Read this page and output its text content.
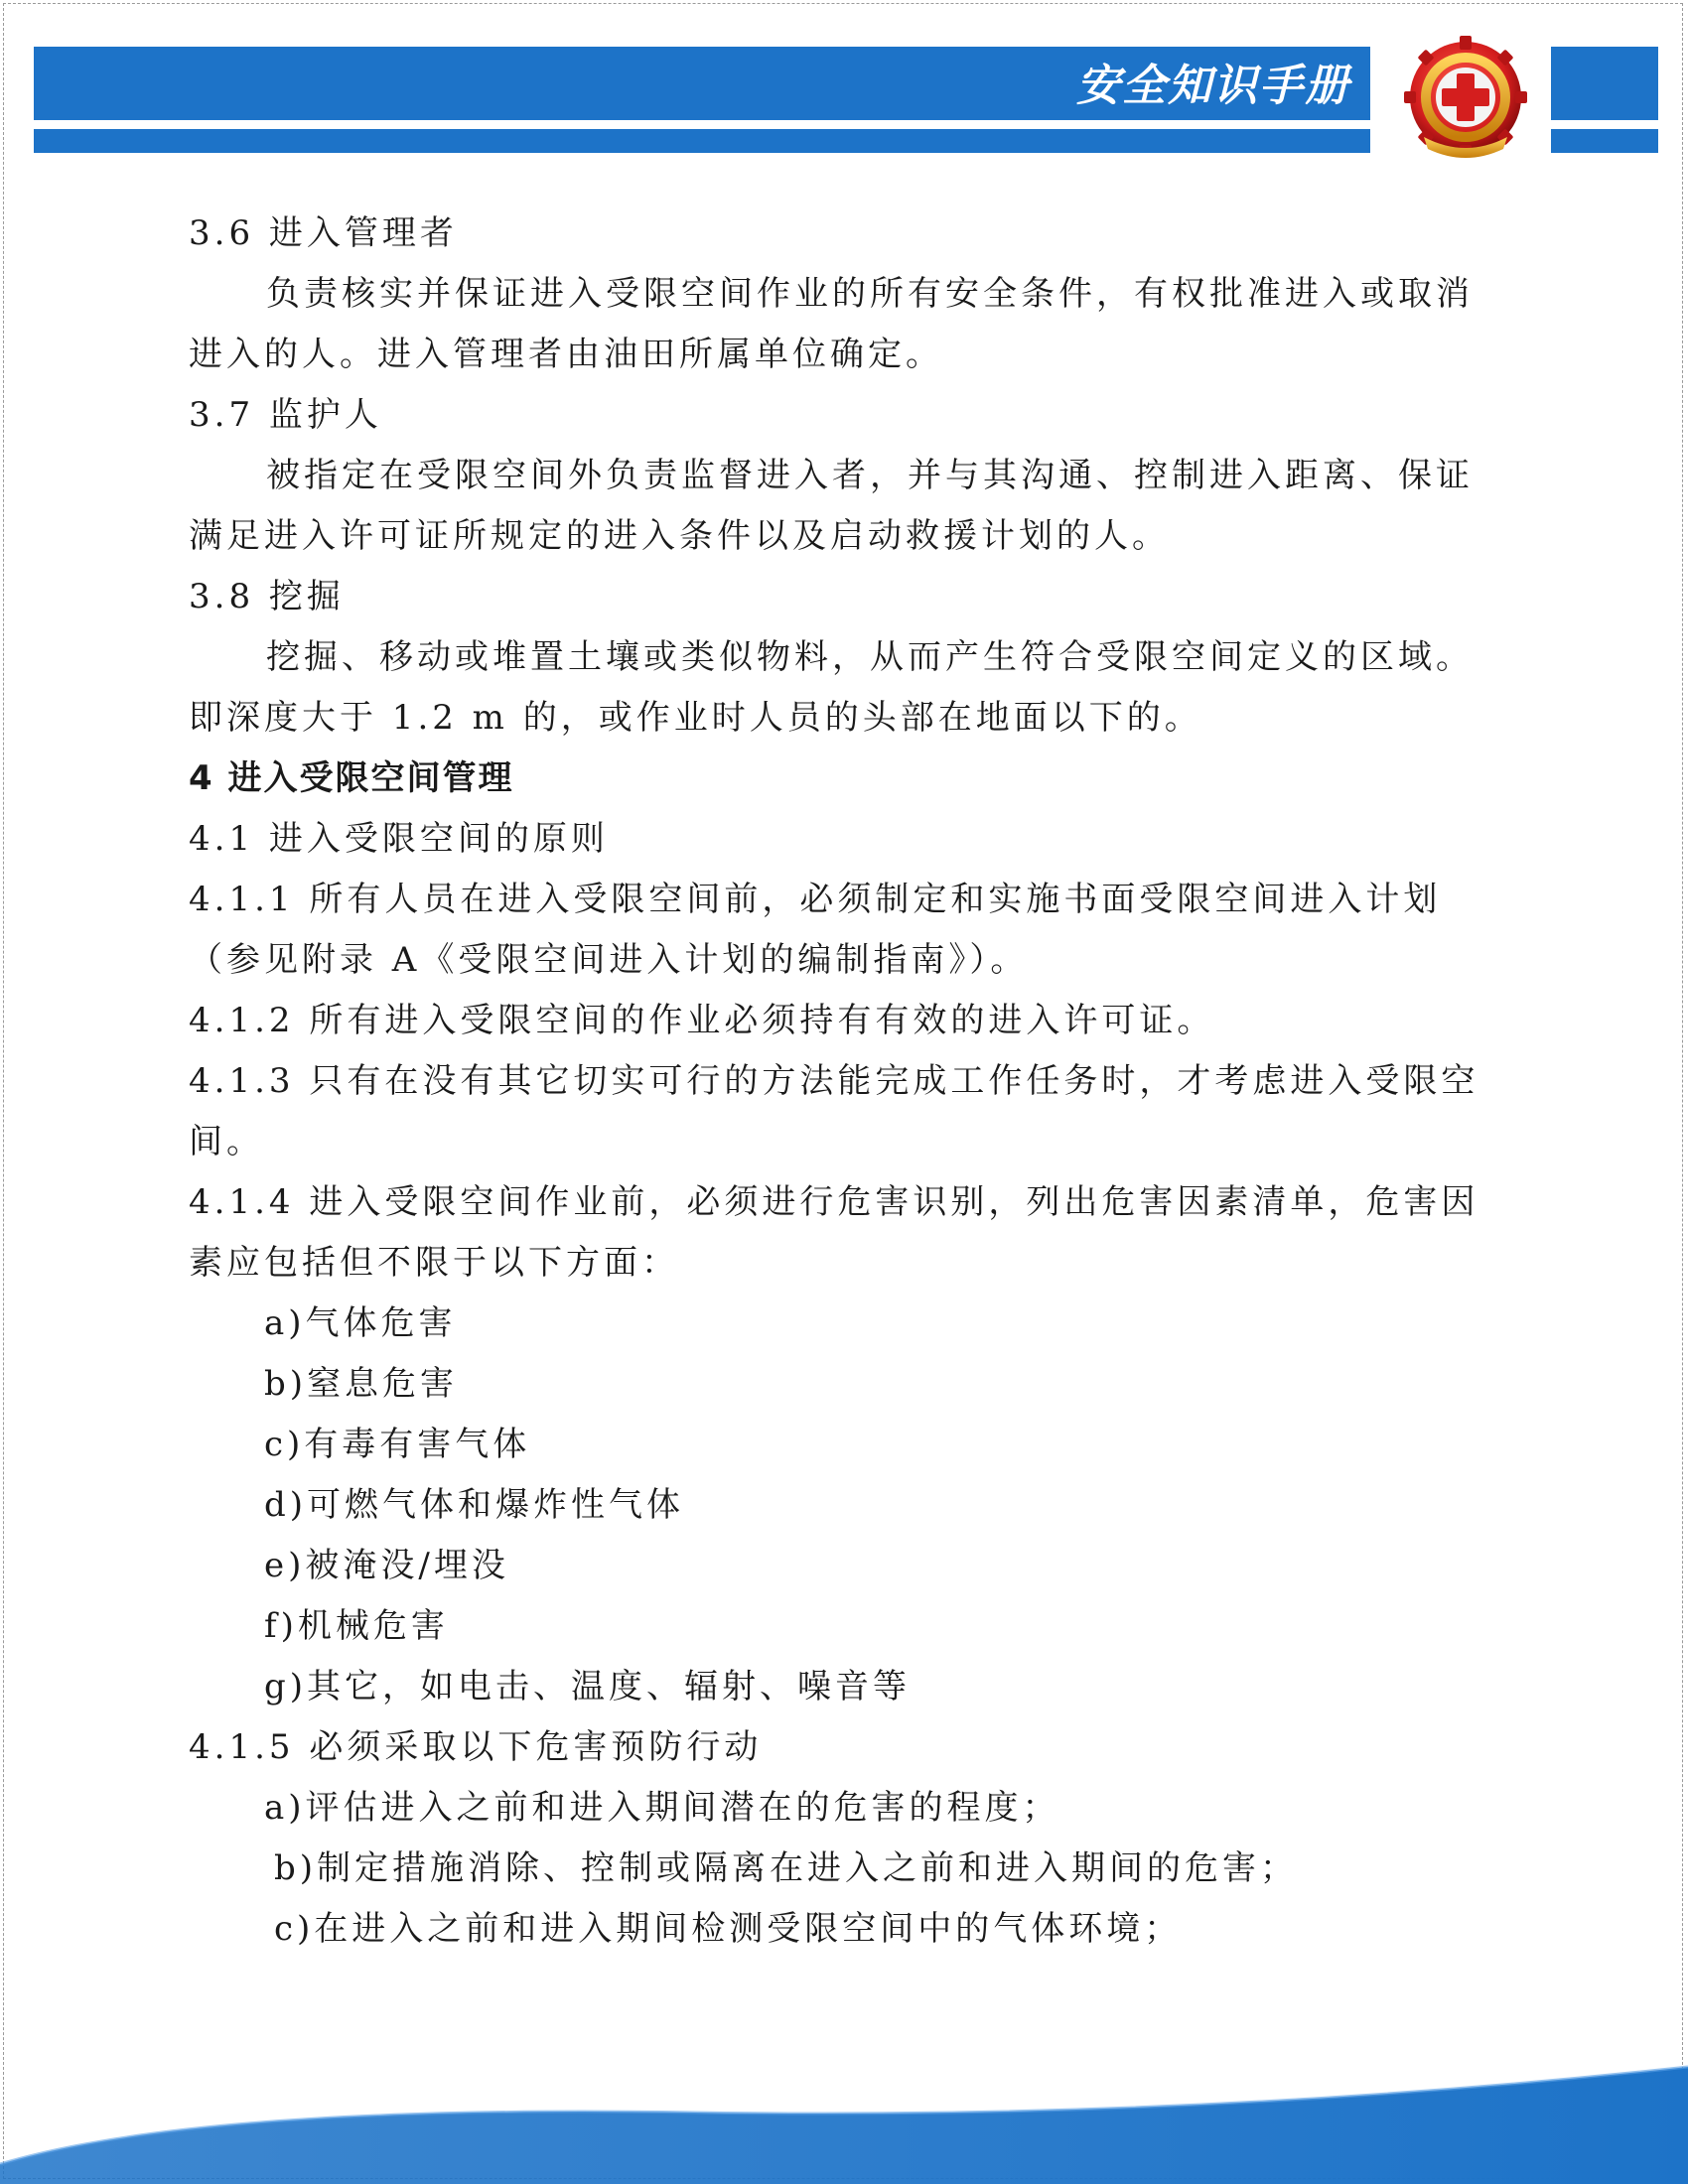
安全知识手册
3.6 进入管理者
负责核实并保证进入受限空间作业的所有安全条件，有权批准进入或取消
进入的人。进入管理者由油田所属单位确定。
3.7 监护人
被指定在受限空间外负责监督进入者，并与其沟通、控制进入距离、保证
满足进入许可证所规定的进入条件以及启动救援计划的人。
3.8 挖掘
挖掘、移动或堆置土壤或类似物料，从而产生符合受限空间定义的区域。
即深度大于 1.2 m 的，或作业时人员的头部在地面以下的。
4 进入受限空间管理
4.1 进入受限空间的原则
4.1.1 所有人员在进入受限空间前，必须制定和实施书面受限空间进入计划
（参见附录 A《受限空间进入计划的编制指南》）。
4.1.2 所有进入受限空间的作业必须持有有效的进入许可证。
4.1.3 只有在没有其它切实可行的方法能完成工作任务时，才考虑进入受限空
间。
4.1.4 进入受限空间作业前，必须进行危害识别，列出危害因素清单，危害因
素应包括但不限于以下方面：
a)气体危害
b)窒息危害
c)有毒有害气体
d)可燃气体和爆炸性气体
e)被淹没/埋没
f)机械危害
g)其它，如电击、温度、辐射、噪音等
4.1.5 必须采取以下危害预防行动
a)评估进入之前和进入期间潜在的危害的程度；
b)制定措施消除、控制或隔离在进入之前和进入期间的危害；
c)在进入之前和进入期间检测受限空间中的气体环境；
